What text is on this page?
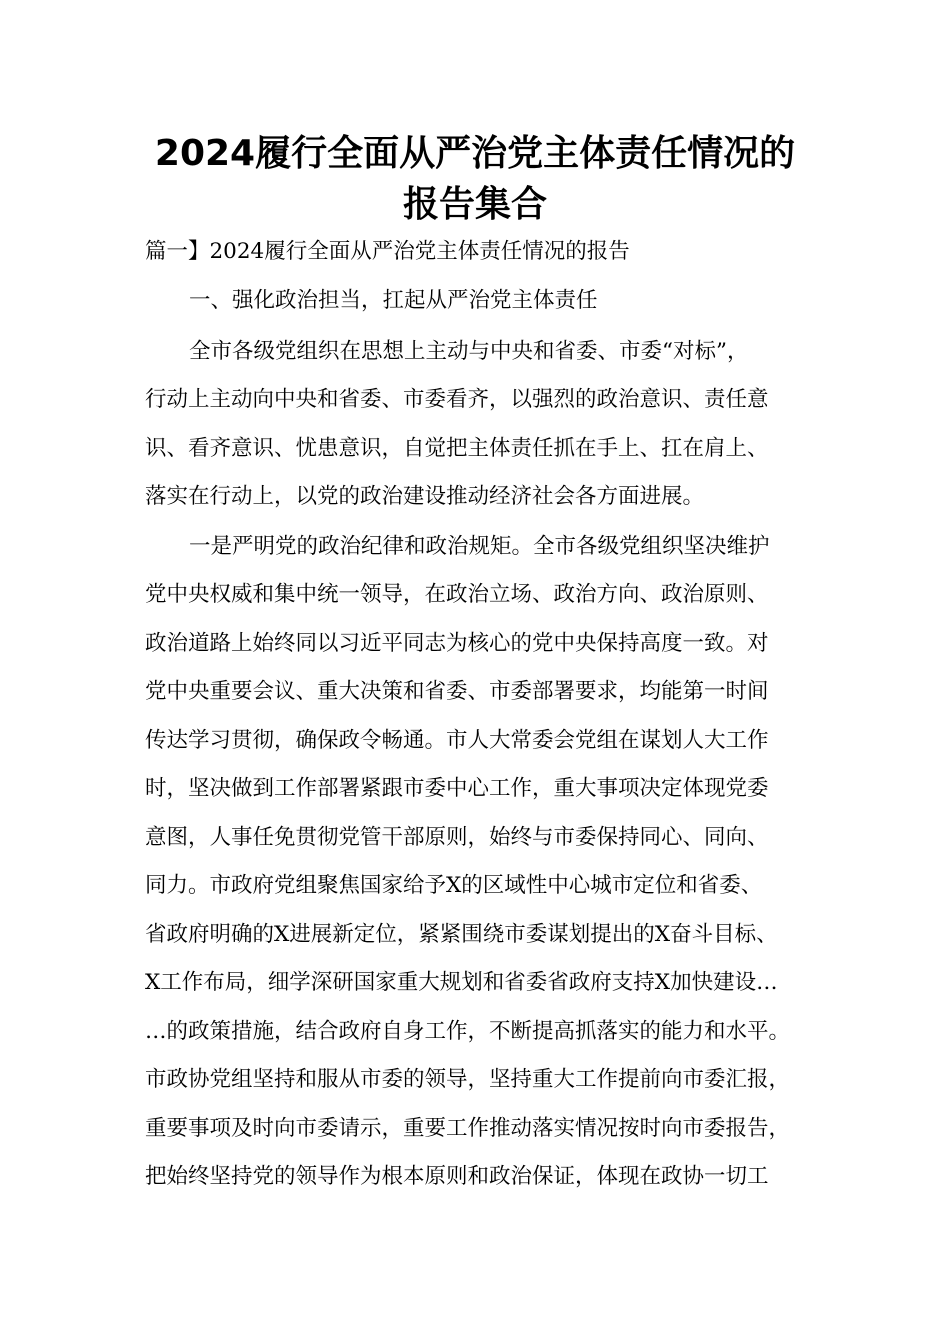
2024履行全面从严治党主体责任情况的
报告集合

篇一】2024履行全面从严治党主体责任情况的报告

一、强化政治担当，扛起从严治党主体责任

全市各级党组织在思想上主动与中央和省委、市委“对标”，

行动上主动向中央和省委、市委看齐，以强烈的政治意识、责任意

识、看齐意识、忧患意识，自觉把主体责任抓在手上、扛在肩上、

落实在行动上，以党的政治建设推动经济社会各方面进展。

一是严明党的政治纪律和政治规矩。全市各级党组织坚决维护

党中央权威和集中统一领导，在政治立场、政治方向、政治原则、

政治道路上始终同以习近平同志为核心的党中央保持高度一致。对

党中央重要会议、重大决策和省委、市委部署要求，均能第一时间

传达学习贯彻，确保政令畅通。市人大常委会党组在谋划人大工作

时，坚决做到工作部署紧跟市委中心工作，重大事项决定体现党委

意图，人事任免贯彻党管干部原则，始终与市委保持同心、同向、

同力。市政府党组聚焦国家给予X的区域性中心城市定位和省委、

省政府明确的X进展新定位，紧紧围绕市委谋划提出的X奋斗目标、

X工作布局，细学深研国家重大规划和省委省政府支持X加快建设…

…的政策措施，结合政府自身工作，不断提高抓落实的能力和水平。

市政协党组坚持和服从市委的领导，坚持重大工作提前向市委汇报，

重要事项及时向市委请示，重要工作推动落实情况按时向市委报告，

把始终坚持党的领导作为根本原则和政治保证，体现在政协一切工
